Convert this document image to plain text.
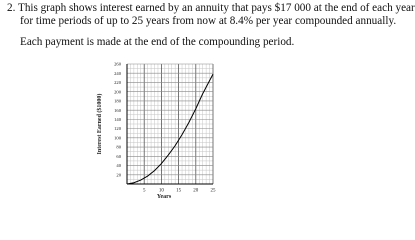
2. This graph shows interest earned by an annuity that pays $17 000 at the end of each year
for time periods of up to 25 years from now at 8.4% per year compounded annually.
Each payment is made at the end of the compounding period.
20
40
60
80
100
120
140
160
180
200
220
240
260
5	10 15 20 25
Years
Interest Earned ($1000)
